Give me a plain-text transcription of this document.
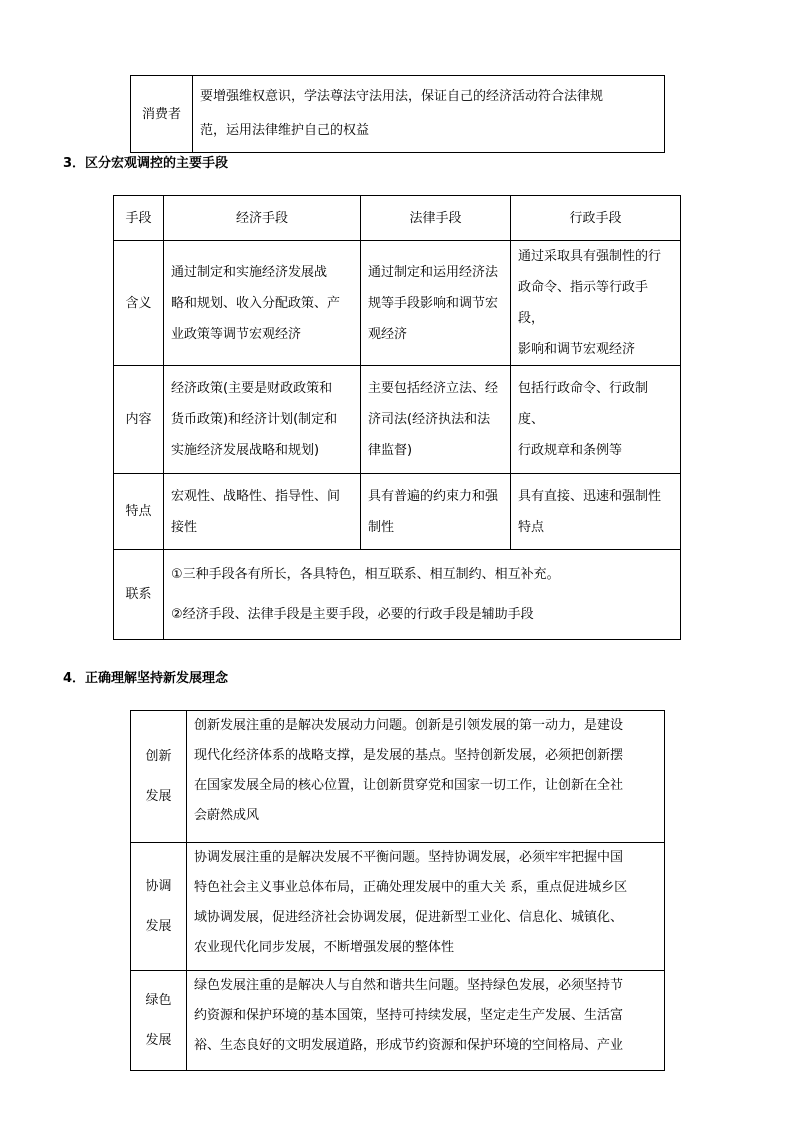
消费者	
要增强维权意识，学法尊法守法用法，保证自己的经济活动符合法律规
范，运用法律维护自己的权益
3．区分宏观调控的主要手段
手段	经济手段	法律手段	行政手段
含义	通过制定和实施经济发展战
略和规划、收入分配政策、产
业政策等调节宏观经济	通过制定和运用经济法
规等手段影响和调节宏
观经济	通过采取具有强制性的行
政命令、指示等行政手段，
影响和调节宏观经济

内容	经济政策(主要是财政政策和
货币政策)和经济计划(制定和
实施经济发展战略和规划)	主要包括经济立法、经
济司法(经济执法和法
律监督)	包括行政命令、行政制度、
行政规章和条例等

特点	宏观性、战略性、指导性、间
接性	具有普遍的约束力和强
制性	具有直接、迅速和强制性
特点

联系	①三种手段各有所长，各具特色，相互联系、相互制约、相互补充。
②经济手段、法律手段是主要手段，必要的行政手段是辅助手段		
4．正确理解坚持新发展理念
创新
发展	创新发展注重的是解决发展动力问题。创新是引领发展的第一动力，是建设
现代化经济体系的战略支撑，是发展的基点。坚持创新发展，必须把创新摆
在国家发展全局的核心位置，让创新贯穿党和国家一切工作，让创新在全社
会蔚然成风

协调
发展	协调发展注重的是解决发展不平衡问题。坚持协调发展，必须牢牢把握中国
特色社会主义事业总体布局，正确处理发展中的重大关 系，重点促进城乡区
域协调发展，促进经济社会协调发展，促进新型工业化、信息化、城镇化、
农业现代化同步发展，不断增强发展的整体性

绿色
发展	绿色发展注重的是解决人与自然和谐共生问题。坚持绿色发展，必须坚持节
约资源和保护环境的基本国策，坚持可持续发展，坚定走生产发展、生活富
裕、生态良好的文明发展道路，形成节约资源和保护环境的空间格局、产业
